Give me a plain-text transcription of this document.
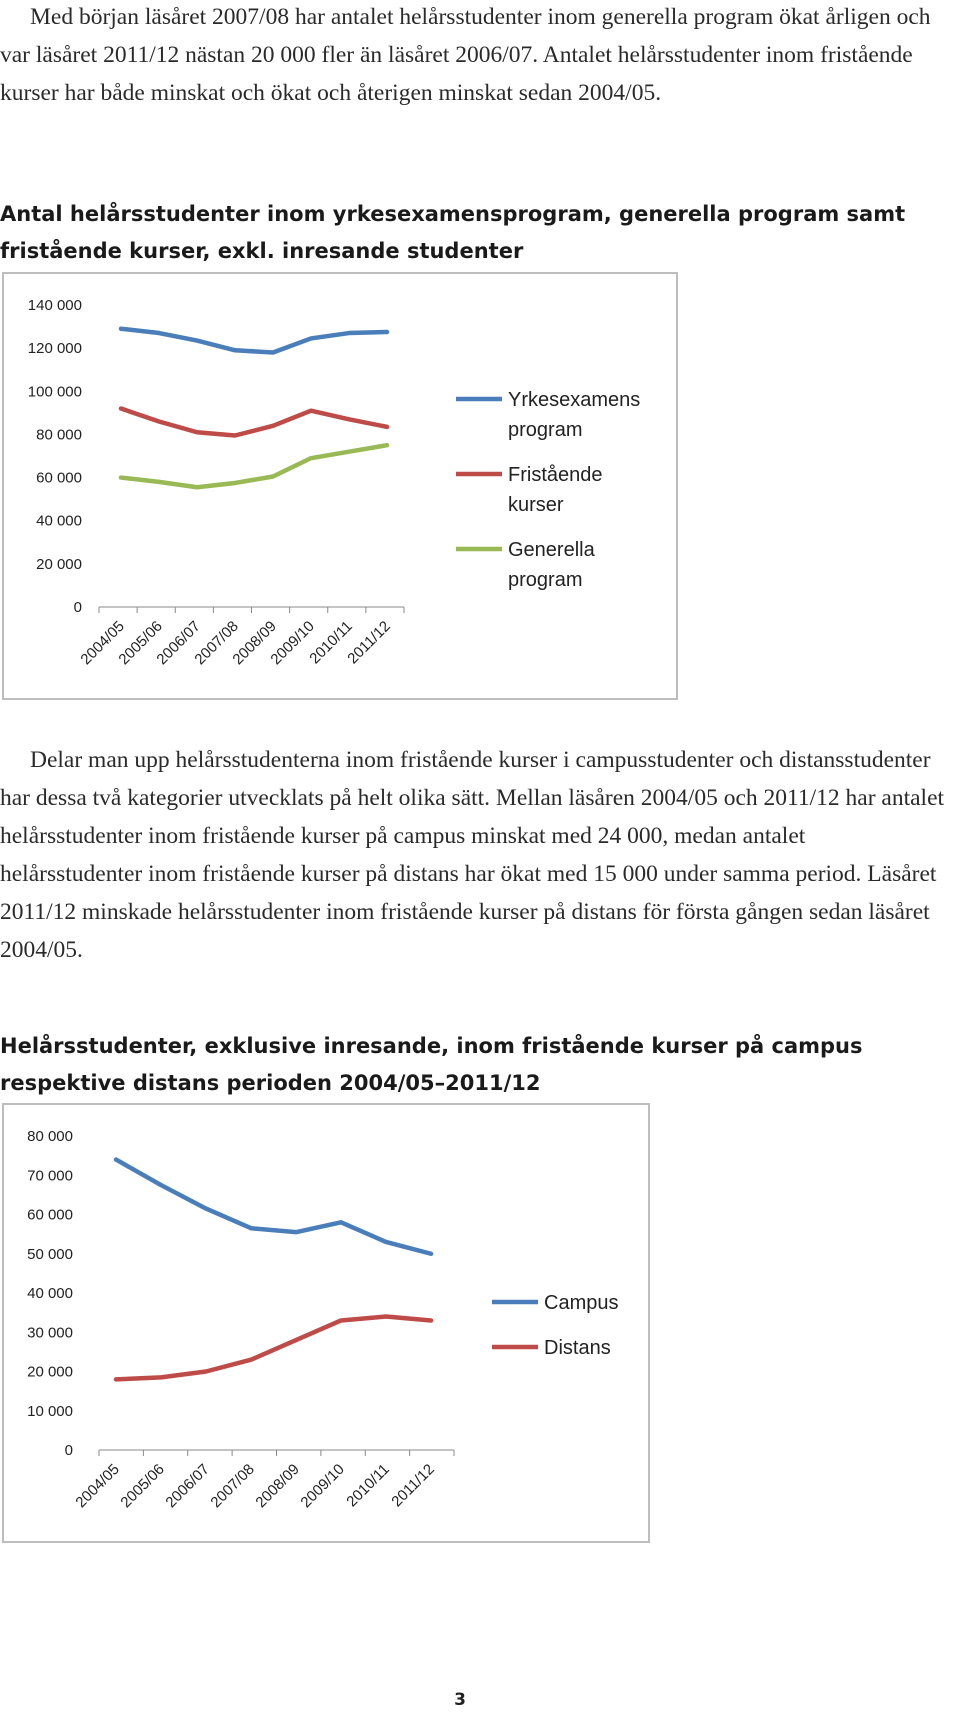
Med början läsåret 2007/08 har antalet helårsstudenter inom generella program ökat årligen och var läsåret 2011/12 nästan 20 000 fler än läsåret 2006/07. Antalet helårsstudenter inom fristående kurser har både minskat och ökat och återigen minskat sedan 2004/05.

Antal helårsstudenter inom yrkesexamensprogram, generella program samt fristående kurser, exkl. inresande studenter
0
20 000
40 000
60 000
80 000
100 000
120 000
140 000
2004/05
2005/06
2006/07
2007/08
2008/09
2009/10
2010/11
2011/12
Yrkesexamens
program
Fristående
kurser
Generella
program

Delar man upp helårsstudenterna inom fristående kurser i campusstudenter och distansstudenter har dessa två kategorier utvecklats på helt olika sätt. Mellan läsåren 2004/05 och 2011/12 har antalet helårsstudenter inom fristående kurser på campus minskat med 24 000, medan antalet helårsstudenter inom fristående kurser på distans har ökat med 15 000 under samma period. Läsåret 2011/12 minskade helårsstudenter inom fristående kurser på distans för första gången sedan läsåret 2004/05.

Helårsstudenter, exklusive inresande, inom fristående kurser på campus respektive distans perioden 2004/05–2011/12
0
10 000
20 000
30 000
40 000
50 000
60 000
70 000
80 000
2004/05
2005/06
2006/07
2007/08
2008/09
2009/10
2010/11
2011/12
Campus
Distans
3
